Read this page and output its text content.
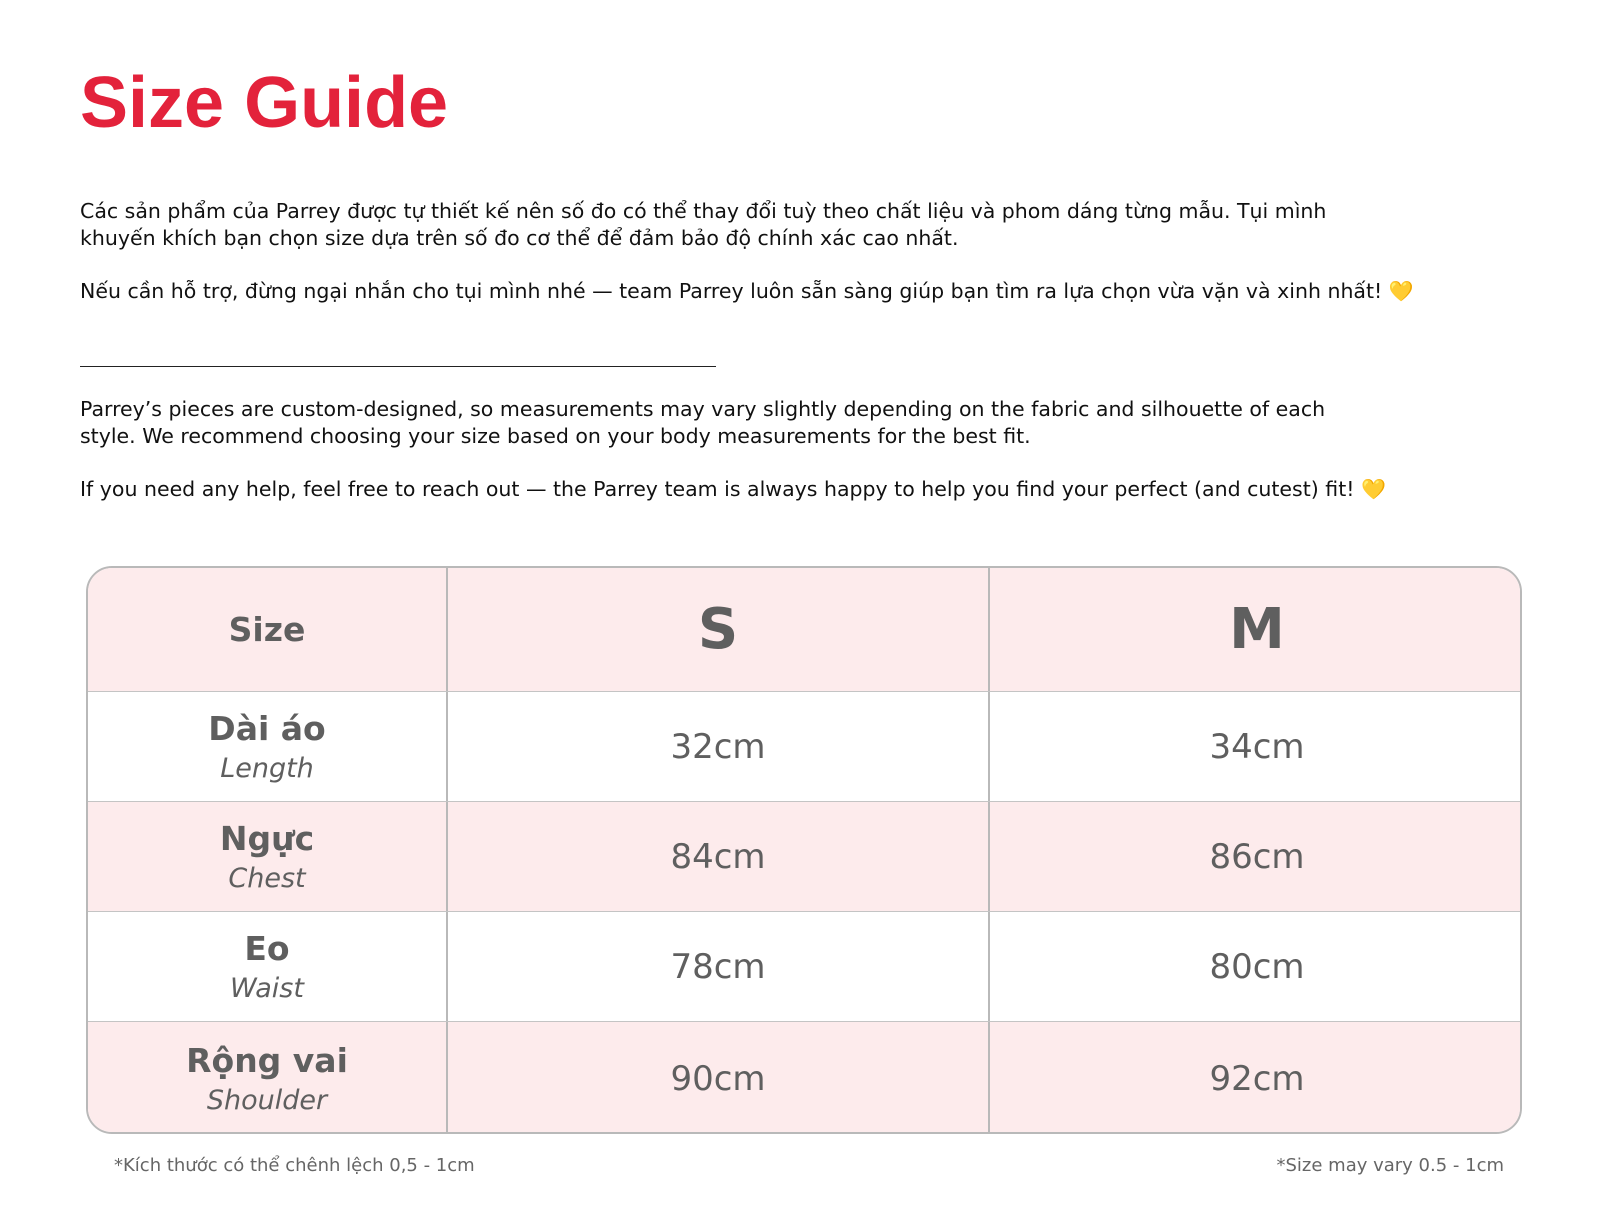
Size Guide

Các sản phẩm của Parrey được tự thiết kế nên số đo có thể thay đổi tuỳ theo chất liệu và phom dáng từng mẫu. Tụi mình

khuyến khích bạn chọn size dựa trên số đo cơ thể để đảm bảo độ chính xác cao nhất.

Nếu cần hỗ trợ, đừng ngại nhắn cho tụi mình nhé — team Parrey luôn sẵn sàng giúp bạn tìm ra lựa chọn vừa vặn và xinh nhất! 💛

Parrey’s pieces are custom-designed, so measurements may vary slightly depending on the fabric and silhouette of each

style. We recommend choosing your size based on your body measurements for the best fit.

If you need any help, feel free to reach out — the Parrey team is always happy to help you find your perfect (and cutest) fit! 💛

Size	S	M
Dài áo
Length
32cm	34cm
Ngực
Chest
84cm	86cm
Eo
Waist
78cm	80cm
Rộng vai
Shoulder
90cm	92cm

*Kích thước có thể chênh lệch 0,5 - 1cm	*Size may vary 0.5 - 1cm
